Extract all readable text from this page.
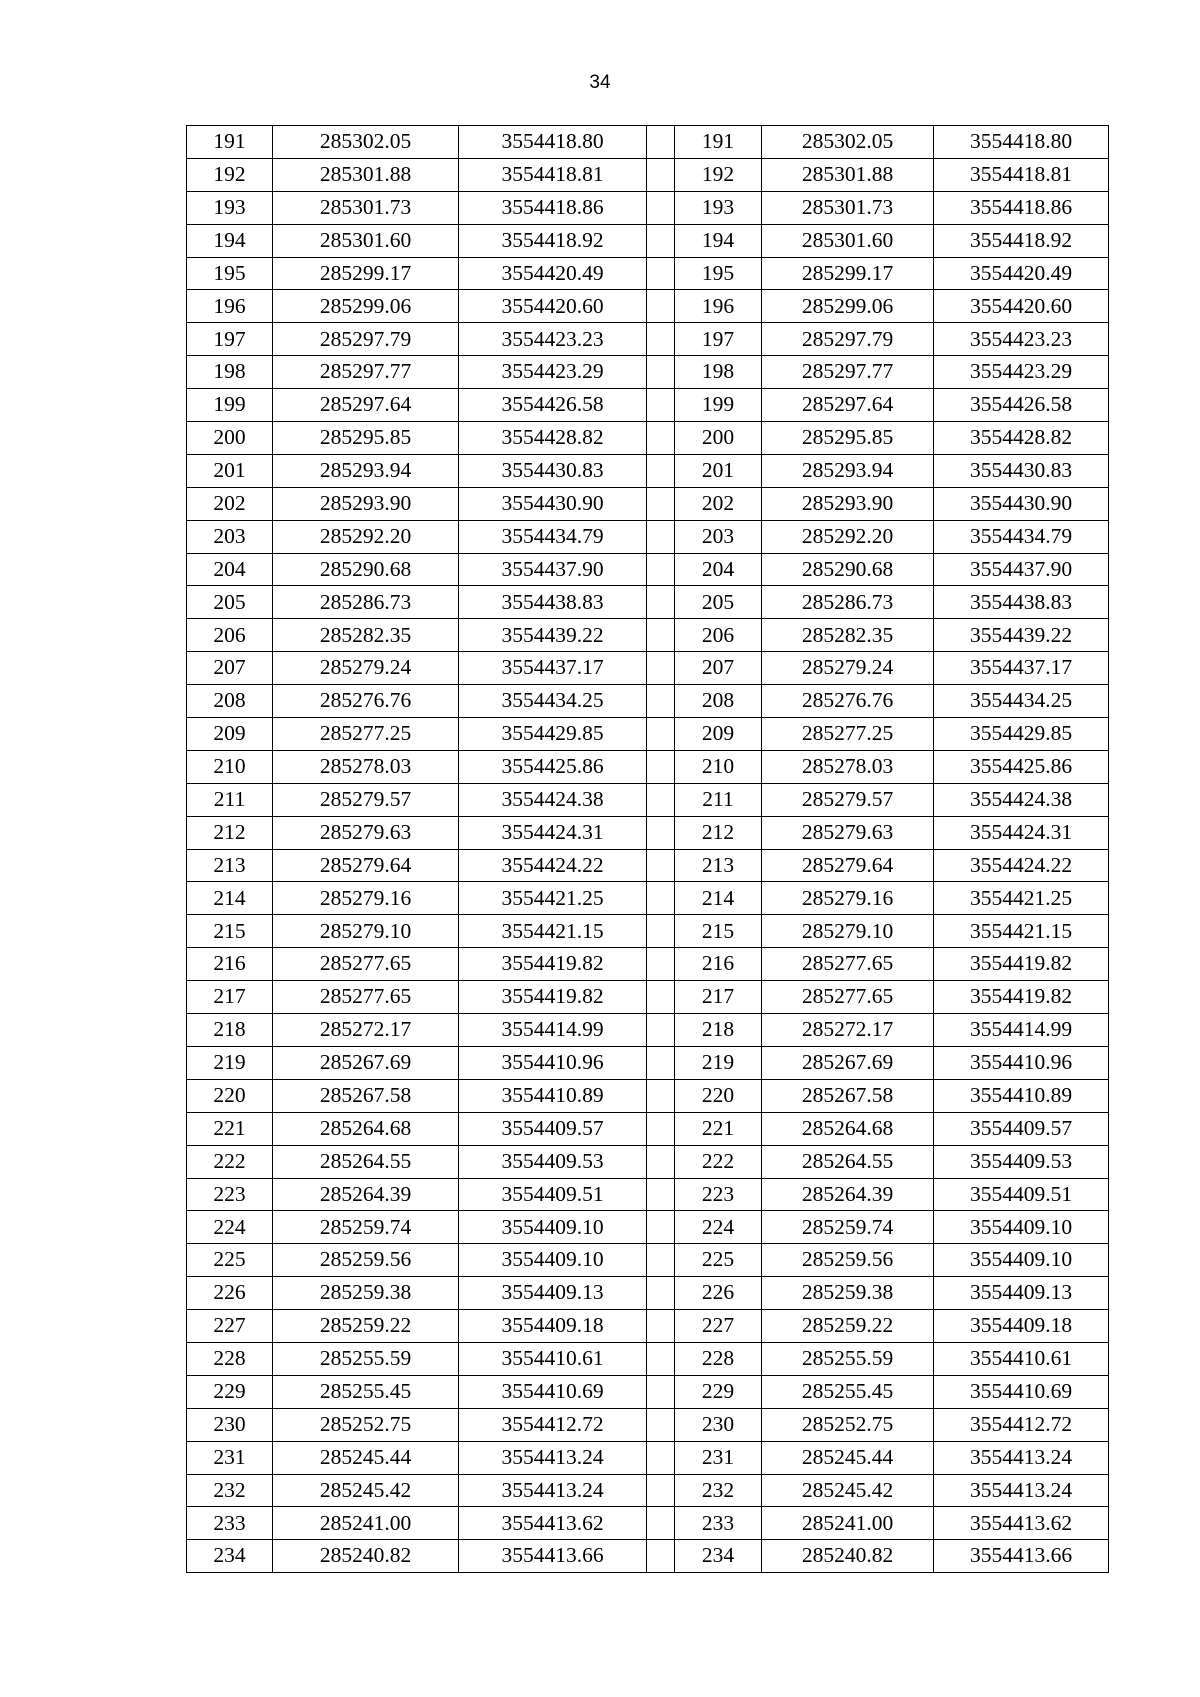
34
191	285302.05	3554418.80		191	285302.05	3554418.80
192	285301.88	3554418.81		192	285301.88	3554418.81
193	285301.73	3554418.86		193	285301.73	3554418.86
194	285301.60	3554418.92		194	285301.60	3554418.92
195	285299.17	3554420.49		195	285299.17	3554420.49
196	285299.06	3554420.60		196	285299.06	3554420.60
197	285297.79	3554423.23		197	285297.79	3554423.23
198	285297.77	3554423.29		198	285297.77	3554423.29
199	285297.64	3554426.58		199	285297.64	3554426.58
200	285295.85	3554428.82		200	285295.85	3554428.82
201	285293.94	3554430.83		201	285293.94	3554430.83
202	285293.90	3554430.90		202	285293.90	3554430.90
203	285292.20	3554434.79		203	285292.20	3554434.79
204	285290.68	3554437.90		204	285290.68	3554437.90
205	285286.73	3554438.83		205	285286.73	3554438.83
206	285282.35	3554439.22		206	285282.35	3554439.22
207	285279.24	3554437.17		207	285279.24	3554437.17
208	285276.76	3554434.25		208	285276.76	3554434.25
209	285277.25	3554429.85		209	285277.25	3554429.85
210	285278.03	3554425.86		210	285278.03	3554425.86
211	285279.57	3554424.38		211	285279.57	3554424.38
212	285279.63	3554424.31		212	285279.63	3554424.31
213	285279.64	3554424.22		213	285279.64	3554424.22
214	285279.16	3554421.25		214	285279.16	3554421.25
215	285279.10	3554421.15		215	285279.10	3554421.15
216	285277.65	3554419.82		216	285277.65	3554419.82
217	285277.65	3554419.82		217	285277.65	3554419.82
218	285272.17	3554414.99		218	285272.17	3554414.99
219	285267.69	3554410.96		219	285267.69	3554410.96
220	285267.58	3554410.89		220	285267.58	3554410.89
221	285264.68	3554409.57		221	285264.68	3554409.57
222	285264.55	3554409.53		222	285264.55	3554409.53
223	285264.39	3554409.51		223	285264.39	3554409.51
224	285259.74	3554409.10		224	285259.74	3554409.10
225	285259.56	3554409.10		225	285259.56	3554409.10
226	285259.38	3554409.13		226	285259.38	3554409.13
227	285259.22	3554409.18		227	285259.22	3554409.18
228	285255.59	3554410.61		228	285255.59	3554410.61
229	285255.45	3554410.69		229	285255.45	3554410.69
230	285252.75	3554412.72		230	285252.75	3554412.72
231	285245.44	3554413.24		231	285245.44	3554413.24
232	285245.42	3554413.24		232	285245.42	3554413.24
233	285241.00	3554413.62		233	285241.00	3554413.62
234	285240.82	3554413.66		234	285240.82	3554413.66
